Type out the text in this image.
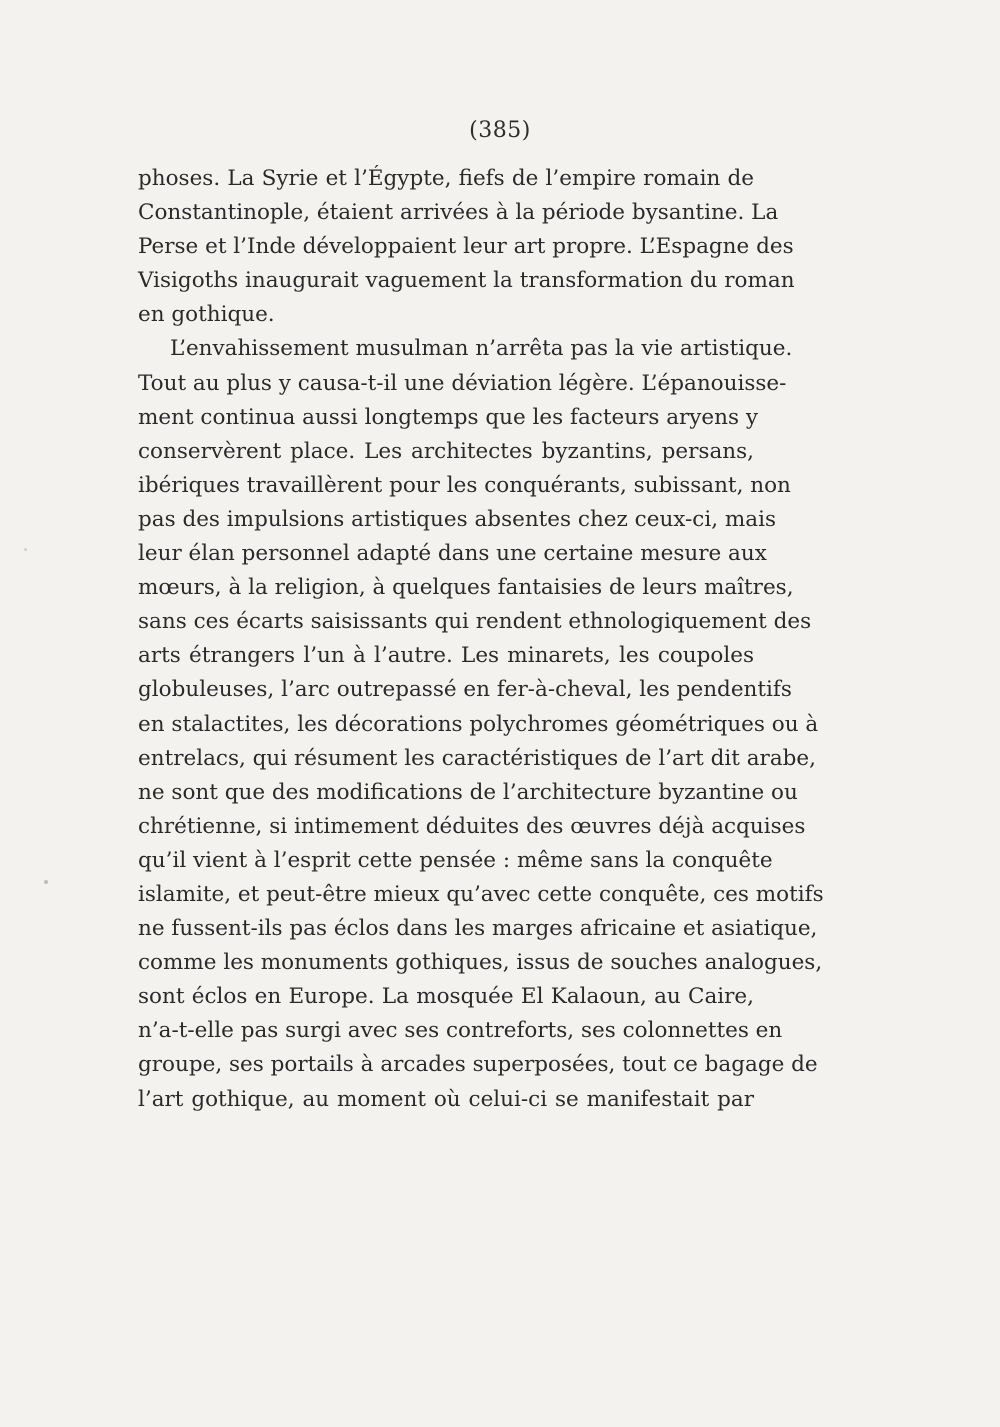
(385)
phoses. La Syrie et l’Égypte, fiefs de l’empire romain de
Constantinople, étaient arrivées à la période bysantine. La
Perse et l’Inde développaient leur art propre. L’Espagne des
Visigoths inaugurait vaguement la transformation du roman
en gothique.
L’envahissement musulman n’arrêta pas la vie artistique.
Tout au plus y causa-t-il une déviation légère. L’épanouisse-
ment continua aussi longtemps que les facteurs aryens y
conservèrent place. Les architectes byzantins, persans,
ibériques travaillèrent pour les conquérants, subissant, non
pas des impulsions artistiques absentes chez ceux-ci, mais
leur élan personnel adapté dans une certaine mesure aux
mœurs, à la religion, à quelques fantaisies de leurs maîtres,
sans ces écarts saisissants qui rendent ethnologiquement des
arts étrangers l’un à l’autre. Les minarets, les coupoles
globuleuses, l’arc outrepassé en fer-à-cheval, les pendentifs
en stalactites, les décorations polychromes géométriques ou à
entrelacs, qui résument les caractéristiques de l’art dit arabe,
ne sont que des modifications de l’architecture byzantine ou
chrétienne, si intimement déduites des œuvres déjà acquises
qu’il vient à l’esprit cette pensée : même sans la conquête
islamite, et peut-être mieux qu’avec cette conquête, ces motifs
ne fussent-ils pas éclos dans les marges africaine et asiatique,
comme les monuments gothiques, issus de souches analogues,
sont éclos en Europe. La mosquée El Kalaoun, au Caire,
n’a-t-elle pas surgi avec ses contreforts, ses colonnettes en
groupe, ses portails à arcades superposées, tout ce bagage de
l’art gothique, au moment où celui-ci se manifestait par
